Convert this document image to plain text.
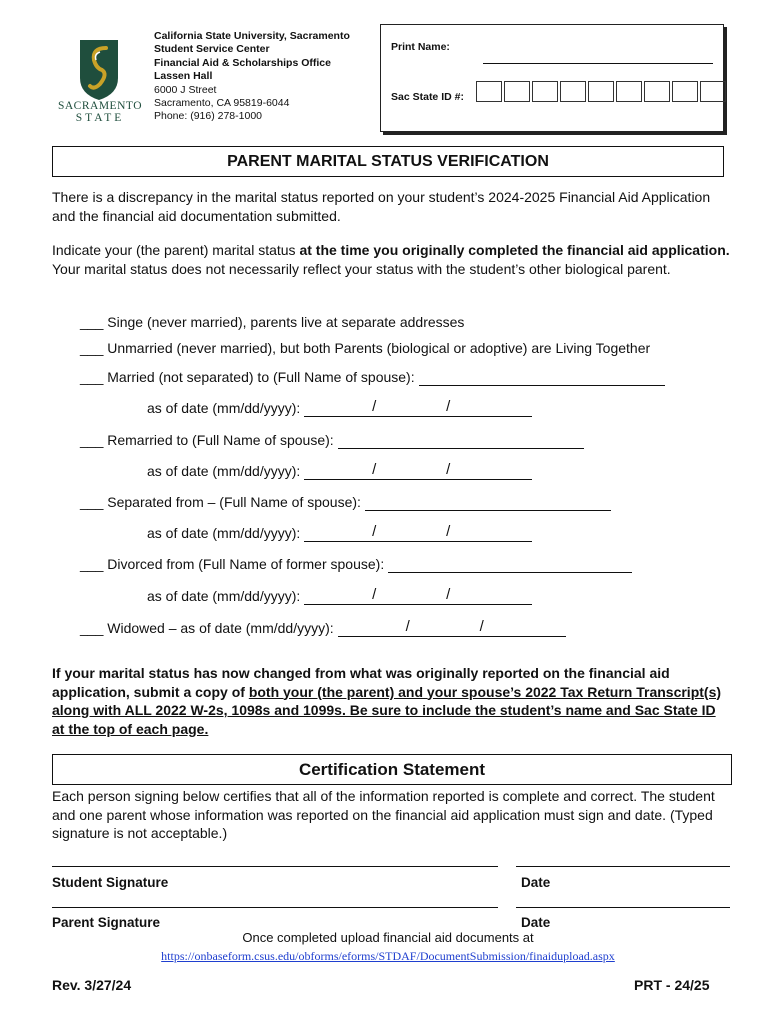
SACRAMENTO
STATE
California State University, Sacramento
Student Service Center
Financial Aid & Scholarships Office
Lassen Hall
6000 J Street
Sacramento, CA 95819-6044
Phone: (916) 278-1000
Print Name:
Sac State ID #:
PARENT MARITAL STATUS VERIFICATION
There is a discrepancy in the marital status reported on your student’s 2024-2025 Financial Aid Application and the financial aid documentation submitted.
Indicate your (the parent) marital status at the time you originally completed the financial aid application. Your marital status does not necessarily reflect your status with the student’s other biological parent.
___ Singe (never married), parents live at separate addresses
___ Unmarried (never married), but both Parents (biological or adoptive) are Living Together
___ Married (not separated) to (Full Name of spouse):
as of date (mm/dd/yyyy):	/	/
___ Remarried to (Full Name of spouse):
as of date (mm/dd/yyyy):	/	/
___ Separated from – (Full Name of spouse):
as of date (mm/dd/yyyy):	/	/
___ Divorced from (Full Name of former spouse):
as of date (mm/dd/yyyy):	/	/
___ Widowed – as of date (mm/dd/yyyy):	/	/
If your marital status has now changed from what was originally reported on the financial aid application, submit a copy of both your (the parent) and your spouse’s 2022 Tax Return Transcript(s) along with ALL 2022 W-2s, 1098s and 1099s. Be sure to include the student’s name and Sac State ID at the top of each page.
Certification Statement
Each person signing below certifies that all of the information reported is complete and correct. The student and one parent whose information was reported on the financial aid application must sign and date. (Typed signature is not acceptable.)
Student Signature	Date
Parent Signature	Date
Once completed upload financial aid documents at
https://onbaseform.csus.edu/obforms/eforms/STDAF/DocumentSubmission/finaidupload.aspx
Rev. 3/27/24	PRT - 24/25
